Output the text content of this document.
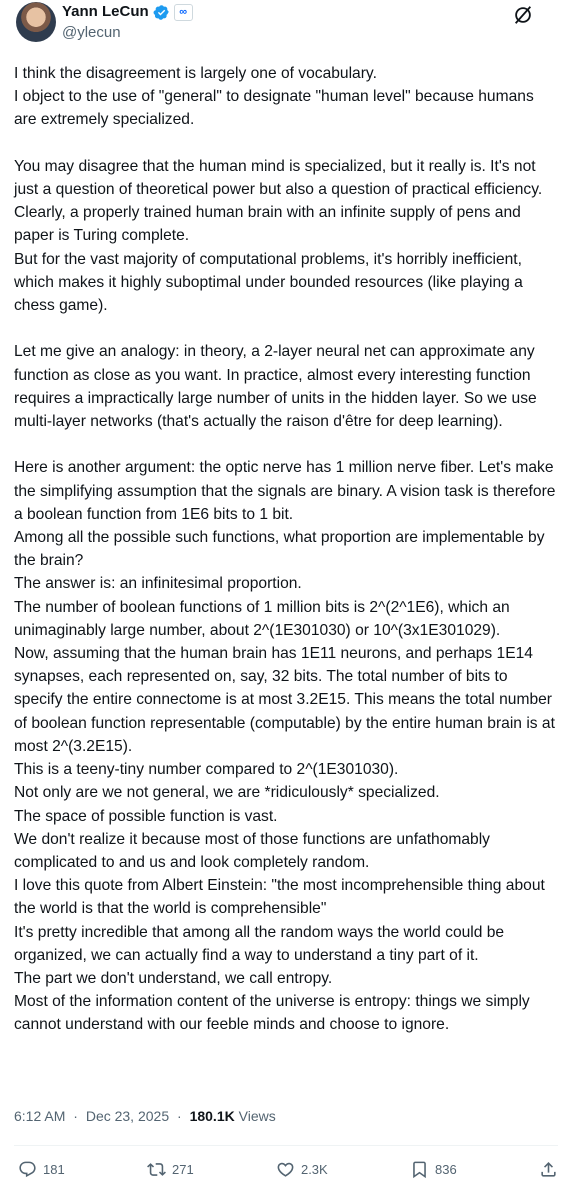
Yann LeCun	∞
@ylecun
I think the disagreement is largely one of vocabulary.
I object to the use of "general" to designate "human level" because humans are extremely specialized.

You may disagree that the human mind is specialized, but it really is. It's not just a question of theoretical power but also a question of practical efficiency.
Clearly, a properly trained human brain with an infinite supply of pens and paper is Turing complete.
But for the vast majority of computational problems, it's horribly inefficient, which makes it highly suboptimal under bounded resources (like playing a chess game).

Let me give an analogy: in theory, a 2-layer neural net can approximate any function as close as you want. In practice, almost every interesting function requires a impractically large number of units in the hidden layer. So we use multi-layer networks (that's actually the raison d'être for deep learning).

Here is another argument: the optic nerve has 1 million nerve fiber. Let's make the simplifying assumption that the signals are binary. A vision task is therefore a boolean function from 1E6 bits to 1 bit.
Among all the possible such functions, what proportion are implementable by the brain?
The answer is: an infinitesimal proportion.
The number of boolean functions of 1 million bits is 2^(2^1E6), which an unimaginably large number, about 2^(1E301030) or 10^(3x1E301029).
Now, assuming that the human brain has 1E11 neurons, and perhaps 1E14 synapses, each represented on, say, 32 bits. The total number of bits to specify the entire connectome is at most 3.2E15. This means the total number of boolean function representable (computable) by the entire human brain is at most 2^(3.2E15).
This is a teeny-tiny number compared to 2^(1E301030).
Not only are we not general, we are *ridiculously* specialized.
The space of possible function is vast.
We don't realize it because most of those functions are unfathomably complicated to and us and look completely random.
I love this quote from Albert Einstein: "the most incomprehensible thing about the world is that the world is comprehensible"
It's pretty incredible that among all the random ways the world could be organized, we can actually find a way to understand a tiny part of it.
The part we don't understand, we call entropy.
Most of the information content of the universe is entropy: things we simply cannot understand with our feeble minds and choose to ignore.
6:12 AM · Dec 23, 2025 · 180.1K Views
181	271	2.3K	836
